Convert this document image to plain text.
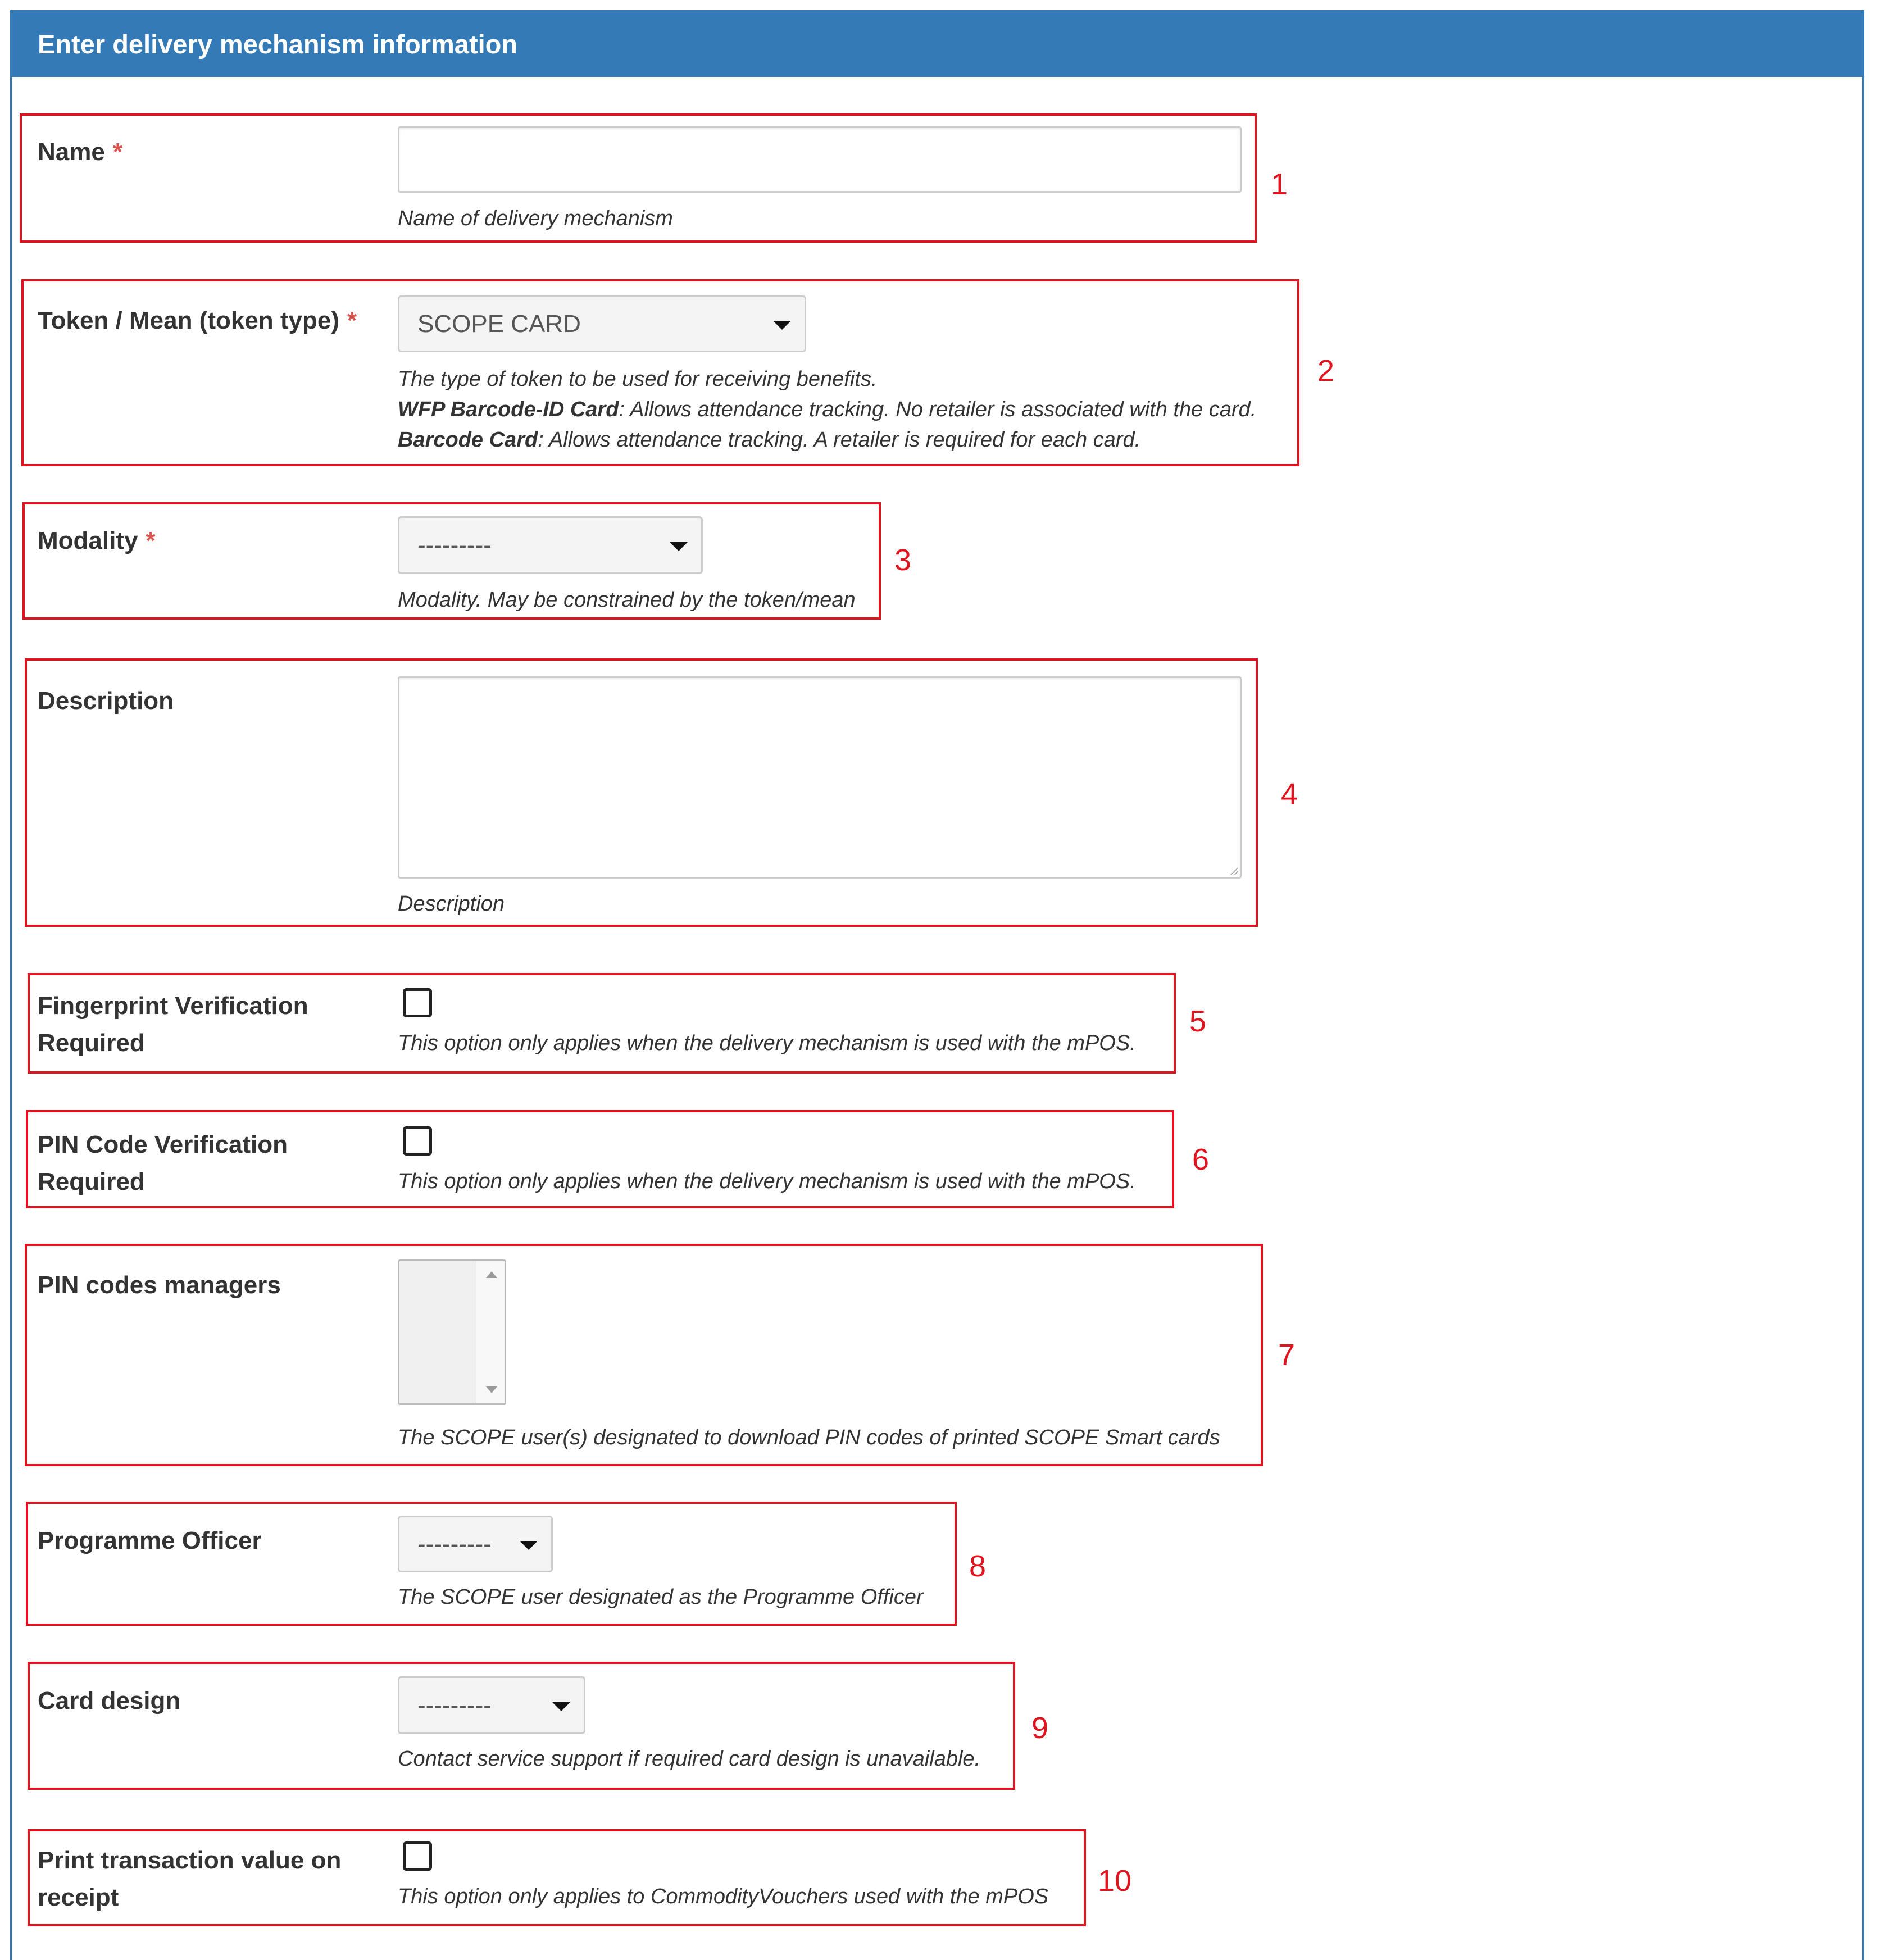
Enter delivery mechanism information
Name *
Name of delivery mechanism
1
Token / Mean (token type) * SCOPE CARD
The type of token to be used for receiving benefits.
WFP Barcode-ID Card: Allows attendance tracking. No retailer is associated with the card.
Barcode Card: Allows attendance tracking. A retailer is required for each card.
2
Modality *	---------
Modality. May be constrained by the token/mean
3
Description
Description
4
Fingerprint Verification
Required	This option only applies when the delivery mechanism is used with the mPOS.
5
PIN Code Verification
Required	This option only applies when the delivery mechanism is used with the mPOS.
6
PIN codes managers
The SCOPE user(s) designated to download PIN codes of printed SCOPE Smart cards
7
Programme Officer	---------
The SCOPE user designated as the Programme Officer
8
Card design	---------
Contact service support if required card design is unavailable.
9
Print transaction value on
receipt	This option only applies to CommodityVouchers used with the mPOS 10
